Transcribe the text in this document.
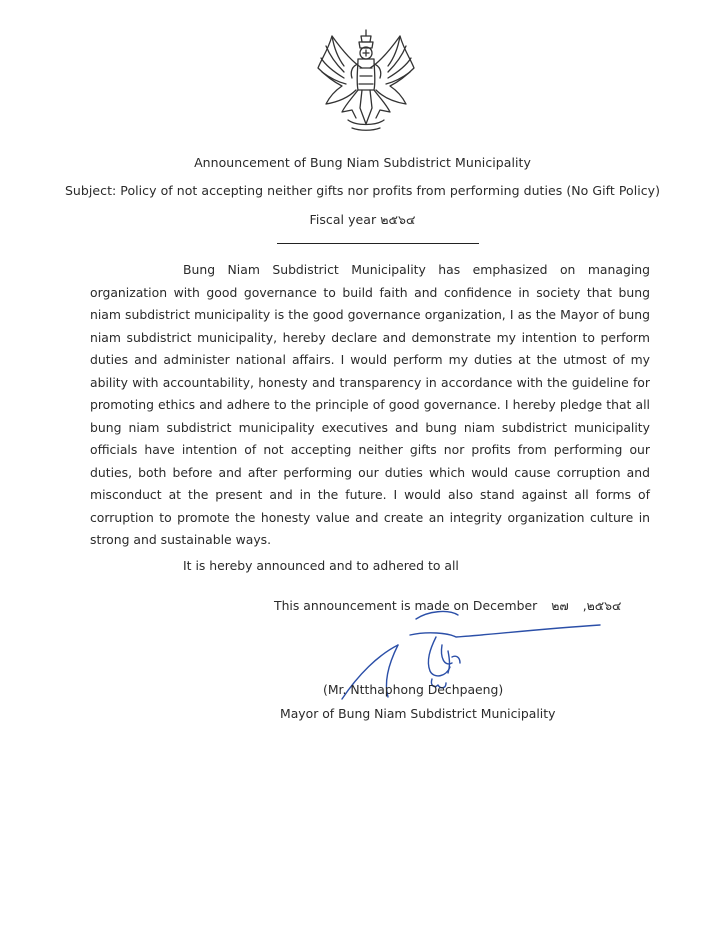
Announcement of Bung Niam Subdistrict Municipality
Subject: Policy of not accepting neither gifts nor profits from performing duties (No Gift Policy)
Fiscal year ๒๕๖๔

Bung Niam Subdistrict Municipality has emphasized on managing organization with good governance to build faith and confidence in society that bung niam subdistrict municipality is the good governance organization, I as the Mayor of bung niam subdistrict municipality, hereby declare and demonstrate my intention to perform duties and administer national affairs. I would perform my duties at the utmost of my ability with accountability, honesty and transparency in accordance with the guideline for promoting ethics and adhere to the principle of good governance. I hereby pledge that all bung niam subdistrict municipality executives and bung niam subdistrict municipality officials have intention of not accepting neither gifts nor profits from performing our duties, both before and after performing our duties which would cause corruption and misconduct at the present and in the future. I would also stand against all forms of corruption to promote the honesty value and create an integrity organization culture in strong and sustainable ways.

It is hereby announced and to adhered to all
This announcement is made on December ๒๗ ,๒๕๖๔
(Mr. Ntthaphong Dechpaeng)
Mayor of Bung Niam Subdistrict Municipality
